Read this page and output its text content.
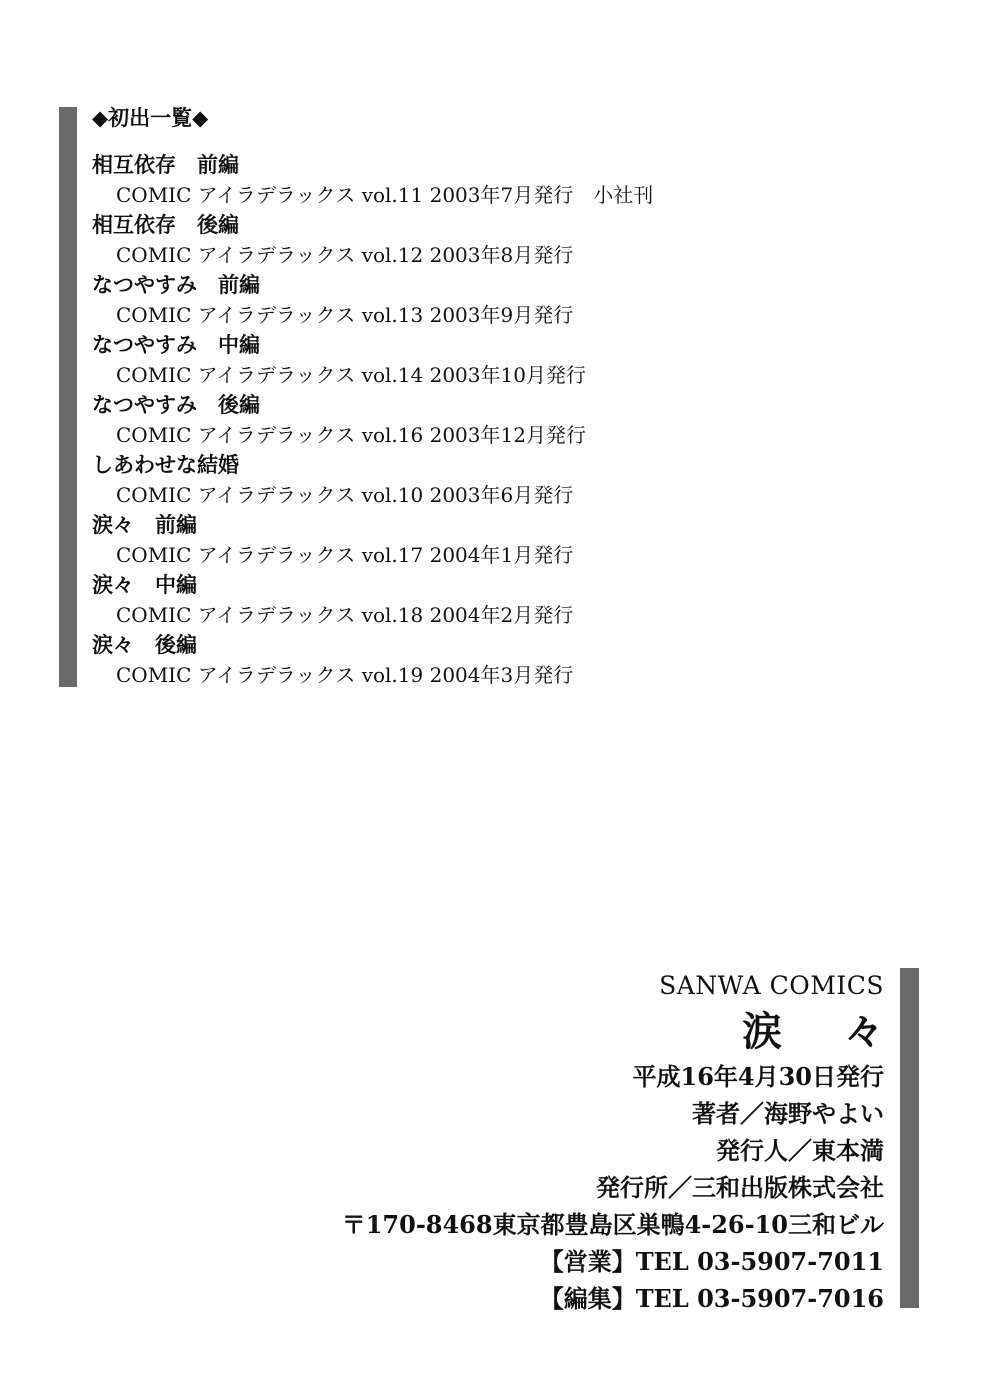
◆初出一覧◆
相互依存　前編
COMIC アイラデラックス vol.11 2003年7月発行　小社刊
相互依存　後編
COMIC アイラデラックス vol.12 2003年8月発行
なつやすみ　前編
COMIC アイラデラックス vol.13 2003年9月発行
なつやすみ　中編
COMIC アイラデラックス vol.14 2003年10月発行
なつやすみ　後編
COMIC アイラデラックス vol.16 2003年12月発行
しあわせな結婚
COMIC アイラデラックス vol.10 2003年6月発行
涙々　前編
COMIC アイラデラックス vol.17 2004年1月発行
涙々　中編
COMIC アイラデラックス vol.18 2004年2月発行
涙々　後編
COMIC アイラデラックス vol.19 2004年3月発行
SANWA COMICS
涙々
平成16年4月30日発行
著者／海野やよい
発行人／東本満
発行所／三和出版株式会社
〒170-8468東京都豊島区巣鴨4-26-10三和ビル
【営業】TEL 03-5907-7011
【編集】TEL 03-5907-7016
